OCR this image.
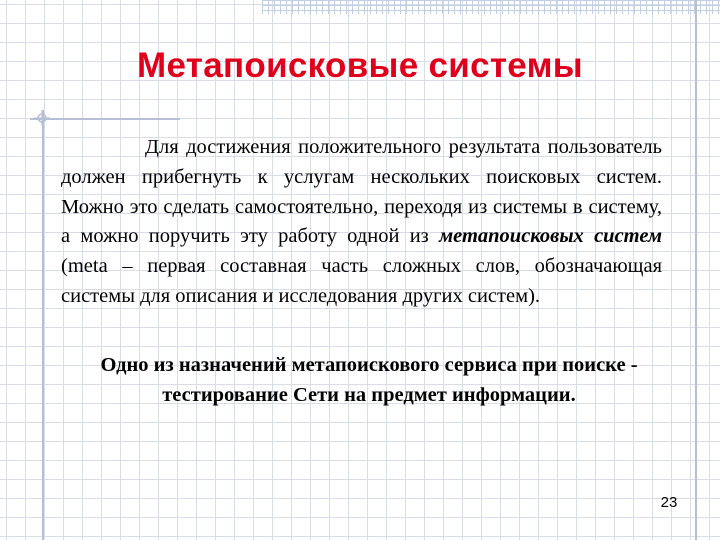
Метапоисковые системы

Для достижения положительного результата пользователь должен прибегнуть к услугам нескольких поисковых систем. Можно это сделать самостоятельно, переходя из системы в систему, а можно поручить эту работу одной из метапоисковых систем (meta – первая составная часть сложных слов, обозначающая системы для описания и исследования других систем).

Одно из назначений метапоискового сервиса при поиске - тестирование Сети на предмет информации.

23
